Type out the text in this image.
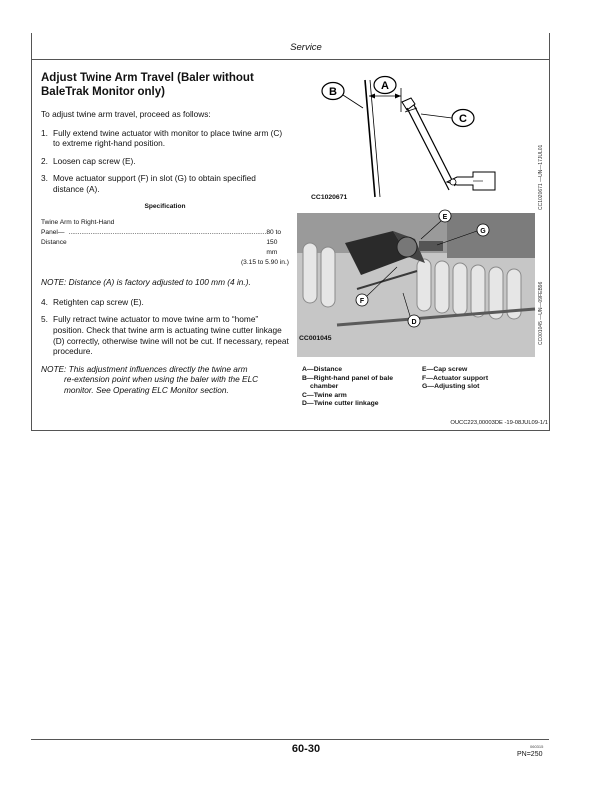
Service
Adjust Twine Arm Travel (Baler without
BaleTrak Monitor only)

To adjust twine arm travel, proceed as follows:

1. Fully extend twine actuator with monitor to place twine arm (C) to extreme right-hand position.
2. Loosen cap screw (E).
3. Move actuator support (F) in slot (G) to obtain specified distance (A).
Specification
Twine Arm to Right-Hand
Panel—Distance
............................................................................................................ 80 to 150 mm
(3.15 to 5.90 in.)

NOTE: Distance (A) is factory adjusted to 100 mm (4 in.).

4. Retighten cap screw (E).
5. Fully retract twine actuator to move twine arm to “home” position. Check that twine arm is actuating twine cutter linkage (D) correctly, otherwise twine will not be cut. If necessary, repeat procedure.
NOTE: This adjustment influences directly the twine arm
re-extension point when using the baler with the ELC monitor. See Operating ELC Monitor section.
B	A
C
CC1020671	CC1020671 —UN—17JUL01
E
G
F
D
CC001045	CC001045 —UN—09FEB96
A—Distance
B—Right-hand panel of bale
chamber
C—Twine arm
D—Twine cutter linkage
E—Cap screw
F—Actuator support
G—Adjusting slot
OUCC223,00003DE -19-08JUL09-1/1
60-30	060315
PN=250
